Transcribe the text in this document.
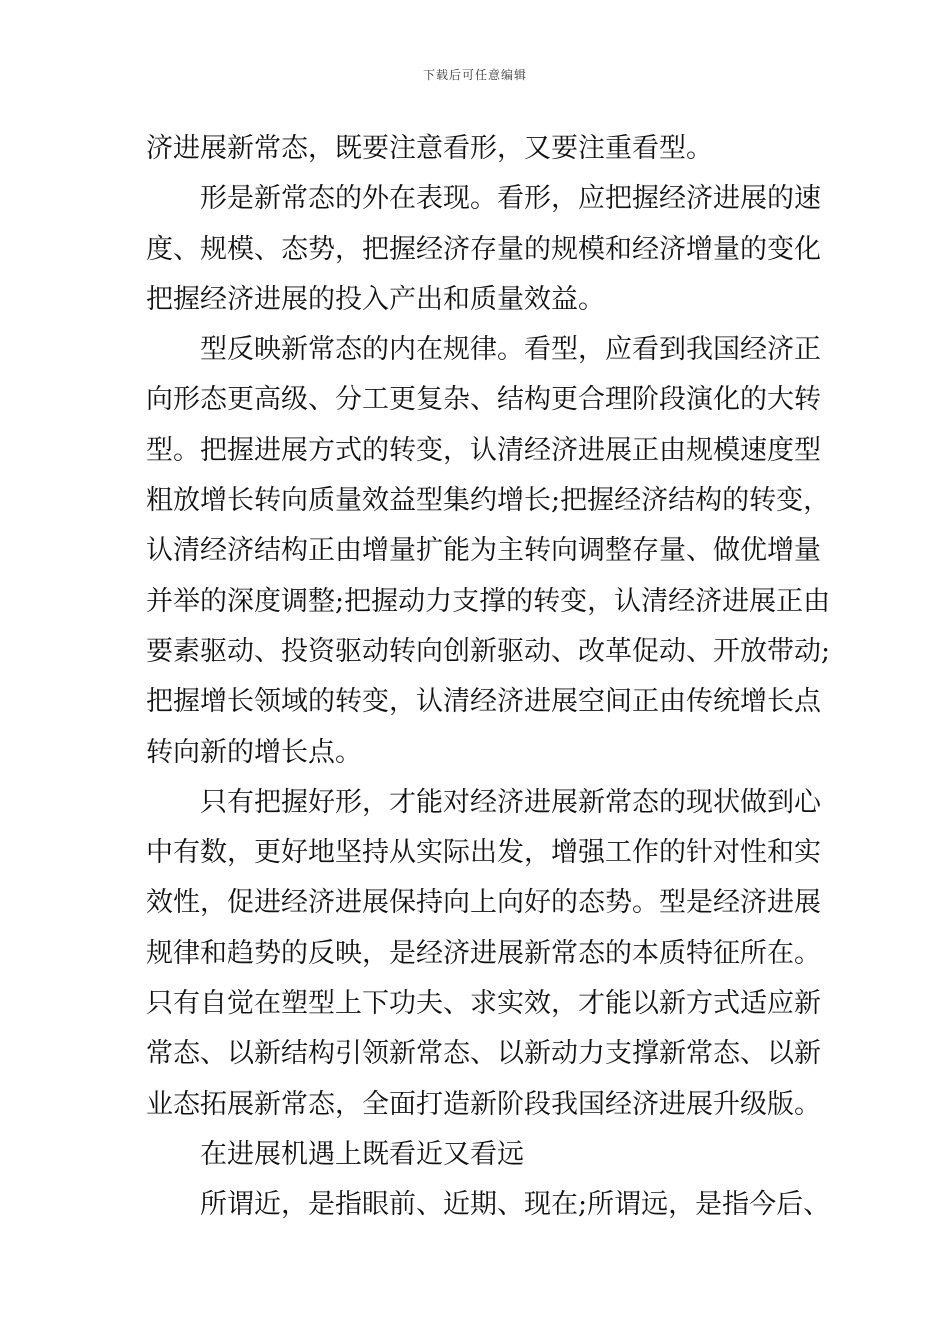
下载后可任意编辑
济进展新常态，既要注意看形，又要注重看型。
形是新常态的外在表现。看形，应把握经济进展的速
度、规模、态势，把握经济存量的规模和经济增量的变化
把握经济进展的投入产出和质量效益。
型反映新常态的内在规律。看型，应看到我国经济正
向形态更高级、分工更复杂、结构更合理阶段演化的大转
型。把握进展方式的转变，认清经济进展正由规模速度型
粗放增长转向质量效益型集约增长;把握经济结构的转变，
认清经济结构正由增量扩能为主转向调整存量、做优增量
并举的深度调整;把握动力支撑的转变，认清经济进展正由
要素驱动、投资驱动转向创新驱动、改革促动、开放带动;
把握增长领域的转变，认清经济进展空间正由传统增长点
转向新的增长点。
只有把握好形，才能对经济进展新常态的现状做到心
中有数，更好地坚持从实际出发，增强工作的针对性和实
效性，促进经济进展保持向上向好的态势。型是经济进展
规律和趋势的反映，是经济进展新常态的本质特征所在。
只有自觉在塑型上下功夫、求实效，才能以新方式适应新
常态、以新结构引领新常态、以新动力支撑新常态、以新
业态拓展新常态，全面打造新阶段我国经济进展升级版。
在进展机遇上既看近又看远
所谓近，是指眼前、近期、现在;所谓远，是指今后、
